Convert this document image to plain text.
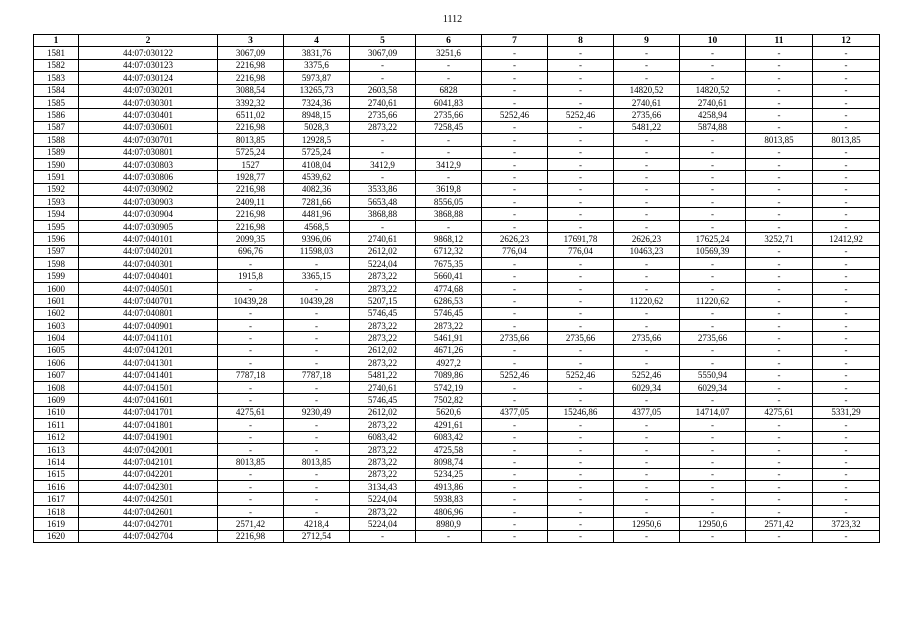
1112
1	2	3	4	5	6	7	8	9	10	11	12
1581	44:07:030122	3067,09	3831,76	3067,09	3251,6	-	-	-	-	-	-
1582	44:07:030123	2216,98	3375,6	-	-	-	-	-	-	-	-
1583	44:07:030124	2216,98	5973,87	-	-	-	-	-	-	-	-
1584	44:07:030201	3088,54	13265,73	2603,58	6828	-	-	14820,52	14820,52	-	-
1585	44:07:030301	3392,32	7324,36	2740,61	6041,83	-	-	2740,61	2740,61	-	-
1586	44:07:030401	6511,02	8948,15	2735,66	2735,66	5252,46	5252,46	2735,66	4258,94	-	-
1587	44:07:030601	2216,98	5028,3	2873,22	7258,45	-	-	5481,22	5874,88	-	-
1588	44:07:030701	8013,85	12928,5	-	-	-	-	-	-	8013,85	8013,85
1589	44:07:030801	5725,24	5725,24	-	-	-	-	-	-	-	-
1590	44:07:030803	1527	4108,04	3412,9	3412,9	-	-	-	-	-	-
1591	44:07:030806	1928,77	4539,62	-	-	-	-	-	-	-	-
1592	44:07:030902	2216,98	4082,36	3533,86	3619,8	-	-	-	-	-	-
1593	44:07:030903	2409,11	7281,66	5653,48	8556,05	-	-	-	-	-	-
1594	44:07:030904	2216,98	4481,96	3868,88	3868,88	-	-	-	-	-	-
1595	44:07:030905	2216,98	4568,5	-	-	-	-	-	-	-	-
1596	44:07:040101	2099,35	9396,06	2740,61	9868,12	2626,23	17691,78	2626,23	17625,24	3252,71	12412,92
1597	44:07:040201	696,76	11598,03	2612,02	6712,32	776,04	776,04	10463,23	10569,39	-	-
1598	44:07:040301	-	-	5224,04	7675,35	-	-	-	-	-	-
1599	44:07:040401	1915,8	3365,15	2873,22	5660,41	-	-	-	-	-	-
1600	44:07:040501	-	-	2873,22	4774,68	-	-	-	-	-	-
1601	44:07:040701	10439,28	10439,28	5207,15	6286,53	-	-	11220,62	11220,62	-	-
1602	44:07:040801	-	-	5746,45	5746,45	-	-	-	-	-	-
1603	44:07:040901	-	-	2873,22	2873,22	-	-	-	-	-	-
1604	44:07:041101	-	-	2873,22	5461,91	2735,66	2735,66	2735,66	2735,66	-	-
1605	44:07:041201	-	-	2612,02	4671,26	-	-	-	-	-	-
1606	44:07:041301	-	-	2873,22	4927,2	-	-	-	-	-	-
1607	44:07:041401	7787,18	7787,18	5481,22	7089,86	5252,46	5252,46	5252,46	5550,94	-	-
1608	44:07:041501	-	-	2740,61	5742,19	-	-	6029,34	6029,34	-	-
1609	44:07:041601	-	-	5746,45	7502,82	-	-	-	-	-	-
1610	44:07:041701	4275,61	9230,49	2612,02	5620,6	4377,05	15246,86	4377,05	14714,07	4275,61	5331,29
1611	44:07:041801	-	-	2873,22	4291,61	-	-	-	-	-	-
1612	44:07:041901	-	-	6083,42	6083,42	-	-	-	-	-	-
1613	44:07:042001	-	-	2873,22	4725,58	-	-	-	-	-	-
1614	44:07:042101	8013,85	8013,85	2873,22	8098,74	-	-	-	-	-	-
1615	44:07:042201	-	-	2873,22	5234,25	-	-	-	-	-	-
1616	44:07:042301	-	-	3134,43	4913,86	-	-	-	-	-	-
1617	44:07:042501	-	-	5224,04	5938,83	-	-	-	-	-	-
1618	44:07:042601	-	-	2873,22	4806,96	-	-	-	-	-	-
1619	44:07:042701	2571,42	4218,4	5224,04	8980,9	-	-	12950,6	12950,6	2571,42	3723,32
1620	44:07:042704	2216,98	2712,54	-	-	-	-	-	-	-	-
